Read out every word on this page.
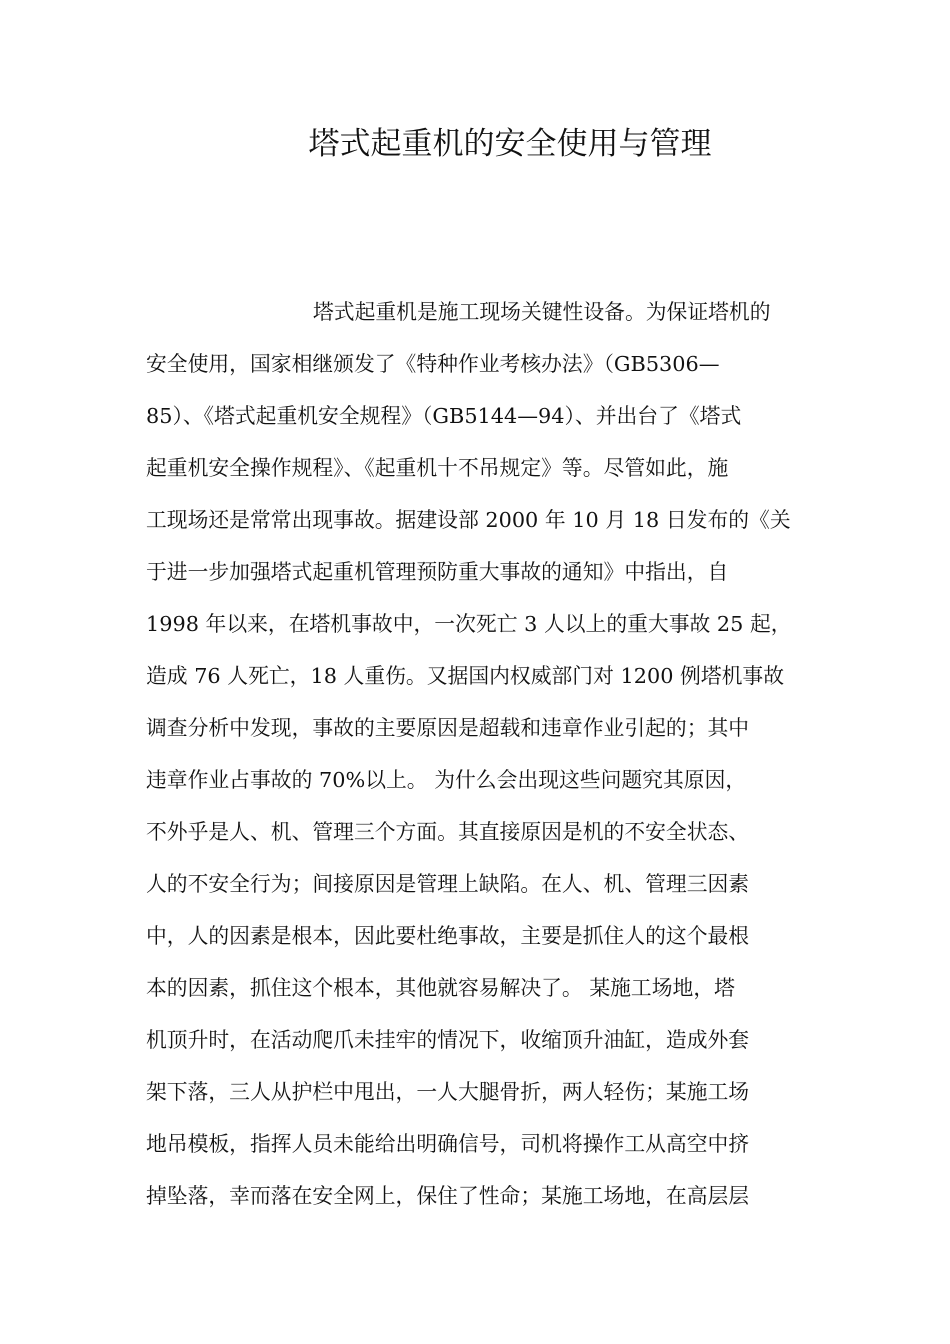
塔式起重机的安全使用与管理
塔式起重机是施工现场关键性设备。为保证塔机的
安全使用，国家相继颁发了《特种作业考核办法》（GB5306—
85）、《塔式起重机安全规程》（GB5144—94）、并出台了《塔式
起重机安全操作规程》、《起重机十不吊规定》等。尽管如此，施
工现场还是常常出现事故。据建设部 2000 年 10 月 18 日发布的《关
于进一步加强塔式起重机管理预防重大事故的通知》中指出，自
1998 年以来，在塔机事故中，一次死亡 3 人以上的重大事故 25 起，
造成 76 人死亡，18 人重伤。又据国内权威部门对 1200 例塔机事故
调查分析中发现，事故的主要原因是超载和违章作业引起的；其中
违章作业占事故的 70%以上。 为什么会出现这些问题究其原因，
不外乎是人、机、管理三个方面。其直接原因是机的不安全状态、
人的不安全行为；间接原因是管理上缺陷。在人、机、管理三因素
中，人的因素是根本，因此要杜绝事故，主要是抓住人的这个最根
本的因素，抓住这个根本，其他就容易解决了。 某施工场地，塔
机顶升时，在活动爬爪未挂牢的情况下，收缩顶升油缸，造成外套
架下落，三人从护栏中甩出，一人大腿骨折，两人轻伤；某施工场
地吊模板，指挥人员未能给出明确信号，司机将操作工从高空中挤
掉坠落，幸而落在安全网上，保住了性命；某施工场地，在高层层
